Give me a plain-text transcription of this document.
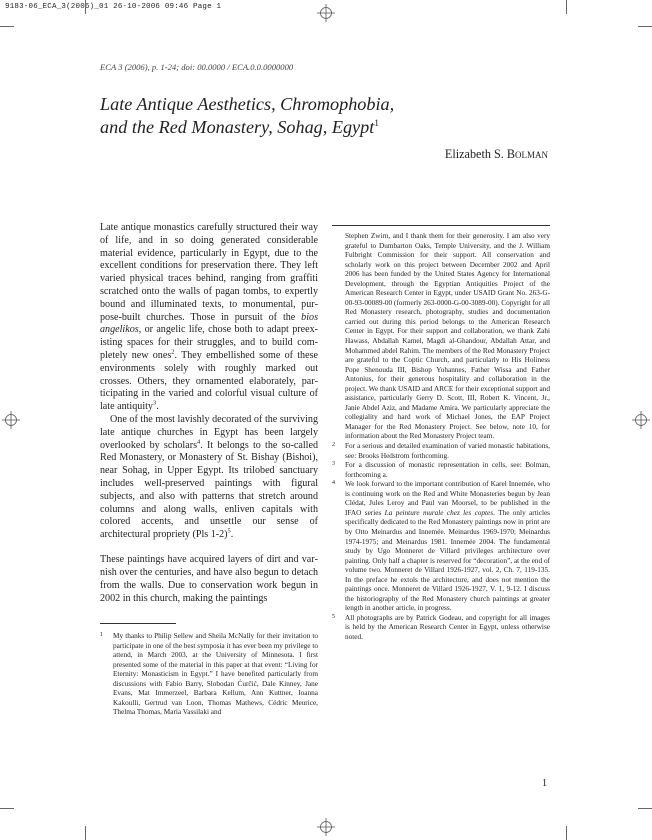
9183-06_ECA_3(2006)_01 26-10-2006 09:46 Page 1
ECA 3 (2006), p. 1-24; doi: 00.0000 / ECA.0.0.0000000
Late Antique Aesthetics, Chromophobia,
and the Red Monastery, Sohag, Egypt$^1$
Elizabeth S. Bolman

Late antique monastics carefully structured their way of life, and in so doing generated considerable material evidence, particularly in Egypt, due to the excellent conditions for preservation there. They left varied physical traces behind, ranging from graffiti scratched onto the walls of pagan tombs, to expertly bound and illuminated texts, to monumental, purpose-built churches. Those in pursuit of the bios angelikos, or angelic life, chose both to adapt preexisting spaces for their struggles, and to build completely new ones$^2$. They embellished some of these environments solely with roughly marked out crosses. Others, they ornamented elaborately, participating in the varied and colorful visual culture of late antiquity$^3$.

One of the most lavishly decorated of the surviving late antique churches in Egypt has been largely overlooked by scholars$^4$. It belongs to the so-called Red Monastery, or Monastery of St. Bishay (Bishoi), near Sohag, in Upper Egypt. Its trilobed sanctuary includes well-preserved paintings with figural subjects, and also with patterns that stretch around columns and along walls, enliven capitals with colored accents, and unsettle our sense of architectural propriety (Pls 1-2)$^5$.

These paintings have acquired layers of dirt and varnish over the centuries, and have also begun to detach from the walls. Due to conservation work begun in 2002 in this church, making the paintings

1 My thanks to Philip Sellew and Sheila McNally for their invitation to participate in one of the best symposia it has ever been my privilege to attend, in March 2003, at the University of Minnesota. I first presented some of the material in this paper at that event: “Living for Eternity: Monasticism in Egypt.” I have benefited particularly from discussions with Fabio Barry, Slobodan Ćurčić, Dale Kinney, Jane Evans, Mat Immerzeel, Barbara Kellum, Ann Kuttner, Ioanna Kakoulli, Gertrud van Loon, Thomas Mathews, Cédric Meurice, Thelma Thomas, Maria Vassilaki and

Stephen Zwirn, and I thank them for their generosity. I am also very grateful to Dumbarton Oaks, Temple University, and the J. William Fulbright Commission for their support. All conservation and scholarly work on this project between December 2002 and April 2006 has been funded by the United States Agency for International Development, through the Egyptian Antiquities Project of the American Research Center in Egypt, under USAID Grant No. 263-G-00-93-00089-00 (formerly 263-0000-G-00-3089-00). Copyright for all Red Monastery research, photography, studies and documentation carried out during this period belongs to the American Research Center in Egypt. For their support and collaboration, we thank Zahi Hawass, Abdallah Kamel, Magdi al-Ghandour, Abdallah Attar, and Mohammed abdel Rahim. The members of the Red Monastery Project are grateful to the Coptic Church, and particularly to His Holiness Pope Shenouda III, Bishop Yohannes, Father Wissa and Father Antonius, for their generous hospitality and collaboration in the project. We thank USAID and ARCE for their exceptional support and assistance, particularly Gerry D. Scott, III, Robert K. Vincent, Jr., Janie Abdel Aziz, and Madame Amira. We particularly appreciate the collegiality and hard work of Michael Jones, the EAP Project Manager for the Red Monastery Project. See below, note 10, for information about the Red Monastery Project team.

2 For a serious and detailed examination of varied monastic habitations, see: Brooks Hedstrom forthcoming.

3 For a discussion of monastic representation in cells, see: Bolman, forthcoming a.

4 We look forward to the important contribution of Karel Innemée, who is continuing work on the Red and White Monasteries begun by Jean Clédat, Jules Leroy and Paul van Moorsel, to be published in the IFAO series La peinture murale chez les coptes. The only articles specifically dedicated to the Red Monastery paintings now in print are by Otto Meinardus and Innemée. Meinardus 1969-1970; Meinardus 1974-1975; and Meinardus 1981. Innemée 2004. The fundamental study by Ugo Monneret de Villard privileges architecture over painting. Only half a chapter is reserved for “decoration”, at the end of volume two. Monneret de Villard 1926-1927, vol. 2, Ch. 7, 119-135. In the preface he extols the architecture, and does not mention the paintings once. Monneret de Villard 1926-1927, V. 1, 9-12. I discuss the historiography of the Red Monastery church paintings at greater length in another article, in progress.

5 All photographs are by Patrick Godeau, and copyright for all images is held by the American Research Center in Egypt, unless otherwise noted.

1
